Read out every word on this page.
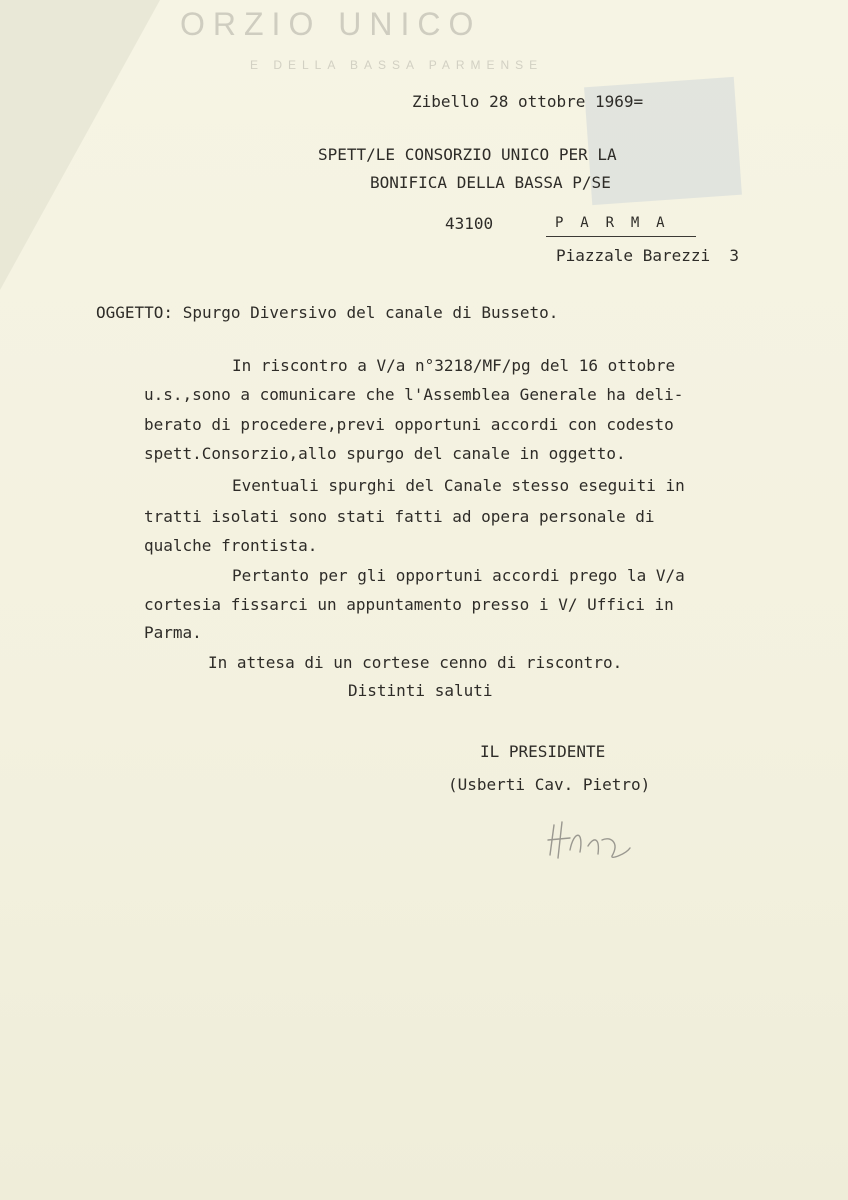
ORZIO UNICO
E DELLA BASSA PARMENSE
Zibello 28 ottobre 1969=
SPETT/LE CONSORZIO UNICO PER LA
BONIFICA DELLA BASSA P/SE
43100	P  A  R  M  A
Piazzale Barezzi  3
OGGETTO: Spurgo Diversivo del canale di Busseto.
In riscontro a V/a n°3218/MF/pg del 16 ottobre
u.s.,sono a comunicare che l'Assemblea Generale ha deli-
berato di procedere,previ opportuni accordi con codesto
spett.Consorzio,allo spurgo del canale in oggetto.
Eventuali spurghi del Canale stesso eseguiti in
tratti isolati sono stati fatti ad opera personale di
qualche frontista.
Pertanto per gli opportuni accordi prego la V/a
cortesia fissarci un appuntamento presso i V/ Uffici in
Parma.
In attesa di un cortese cenno di riscontro.
Distinti saluti
IL PRESIDENTE
(Usberti Cav. Pietro)
